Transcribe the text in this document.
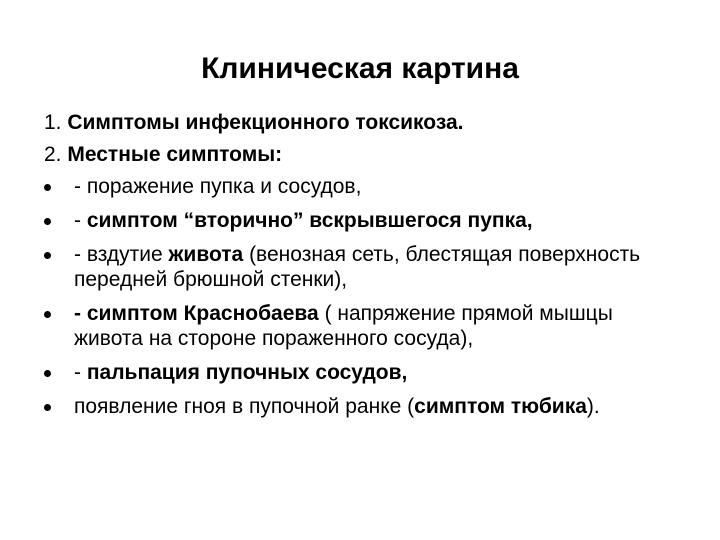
Клиническая картина
1. Симптомы инфекционного токсикоза.
2. Местные симптомы:
- поражение пупка и сосудов,
- симптом “вторично” вскрывшегося пупка,
- вздутие живота (венозная сеть, блестящая поверхность передней брюшной стенки),
- симптом Краснобаева ( напряжение прямой мышцы живота на стороне пораженного сосуда),
- пальпация пупочных сосудов,
появление гноя в пупочной ранке (симптом тюбика).
